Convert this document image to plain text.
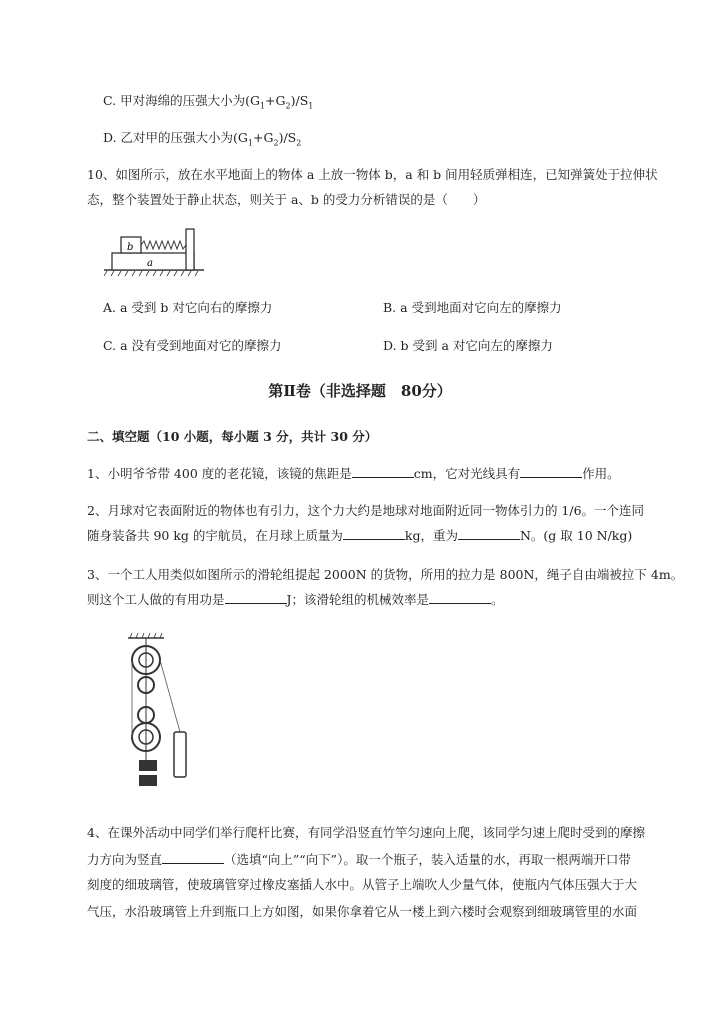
C. 甲对海绵的压强大小为$(G_1+G_2)/S_1$
D. 乙对甲的压强大小为$(G_1+G_2)/S_2$
10、如图所示，放在水平地面上的物体 a 上放一物体 b，a 和 b 间用轻质弹相连，已知弹簧处于拉伸状
态，整个装置处于静止状态，则关于 a、b 的受力分析错误的是（　　）
b
a
A. a 受到 b 对它向右的摩擦力	B. a 受到地面对它向左的摩擦力
C. a 没有受到地面对它的摩擦力	D. b 受到 a 对它向左的摩擦力
第Ⅱ卷（非选择题　80分）
二、填空题（10 小题，每小题 3 分，共计 30 分）
1、小明爷爷带 400 度的老花镜，该镜的焦距是	cm，它对光线具有	作用。
2、月球对它表面附近的物体也有引力，这个力大约是地球对地面附近同一物体引力的 1/6。一个连同
随身装备共 90 kg 的宇航员，在月球上质量为	kg，重为	N。(g 取 10 N/kg)
3、一个工人用类似如图所示的滑轮组提起 2000N 的货物，所用的拉力是 800N，绳子自由端被拉下 4m。
则这个工人做的有用功是	J；该滑轮组的机械效率是	。
4、在课外活动中同学们举行爬杆比赛，有同学沿竖直竹竿匀速向上爬，该同学匀速上爬时受到的摩擦
力方向为竖直	（选填“向上”“向下”）。取一个瓶子，装入适量的水，再取一根两端开口带
刻度的细玻璃管，使玻璃管穿过橡皮塞插人水中。从管子上端吹人少量气体，使瓶内气体压强大于大
气压，水沿玻璃管上升到瓶口上方如图，如果你拿着它从一楼上到六楼时会观察到细玻璃管里的水面
